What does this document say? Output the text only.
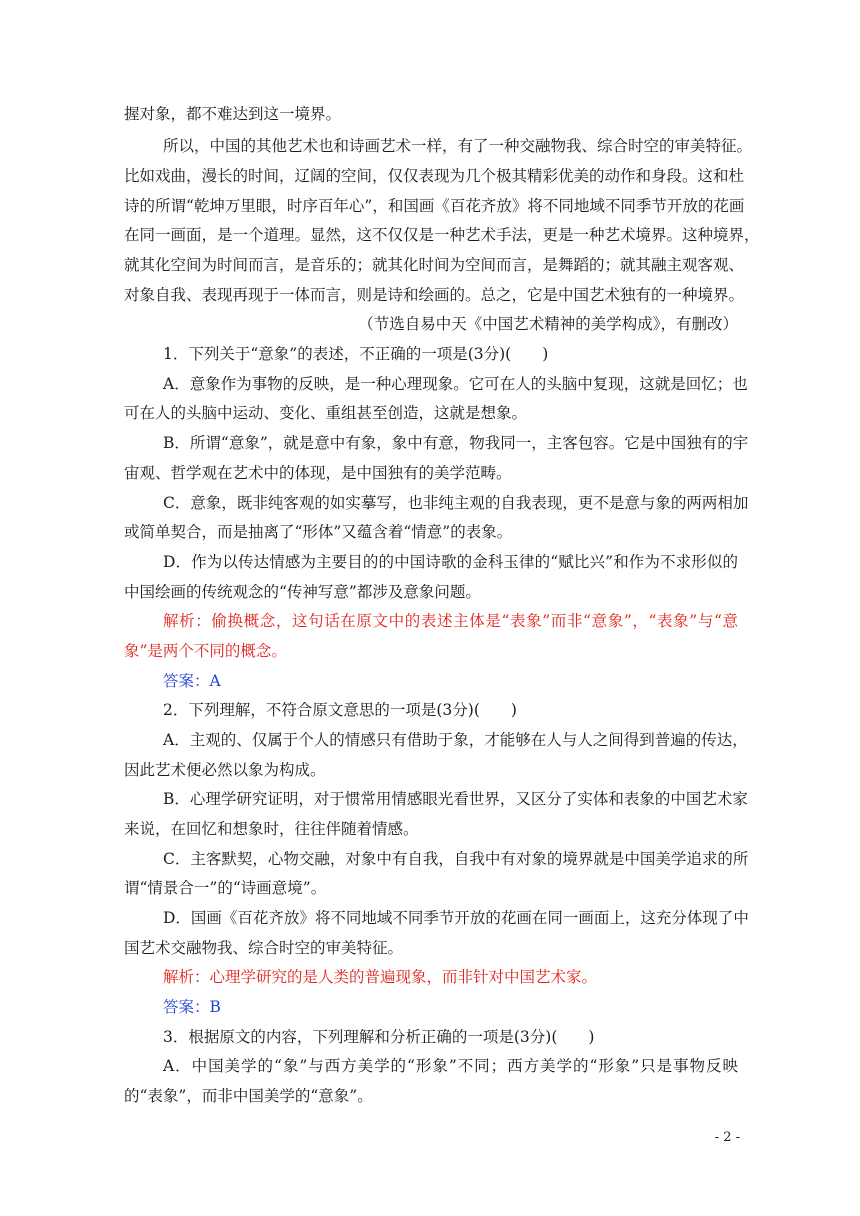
握对象，都不难达到这一境界。
所以，中国的其他艺术也和诗画艺术一样，有了一种交融物我、综合时空的审美特征。
比如戏曲，漫长的时间，辽阔的空间，仅仅表现为几个极其精彩优美的动作和身段。这和杜
诗的所谓“乾坤万里眼，时序百年心”，和国画《百花齐放》将不同地域不同季节开放的花画
在同一画面，是一个道理。显然，这不仅仅是一种艺术手法，更是一种艺术境界。这种境界，
就其化空间为时间而言，是音乐的；就其化时间为空间而言，是舞蹈的；就其融主观客观、
对象自我、表现再现于一体而言，则是诗和绘画的。总之，它是中国艺术独有的一种境界。
（节选自易中天《中国艺术精神的美学构成》，有删改）
1．下列关于“意象”的表述，不正确的一项是(3分)(　　)
A．意象作为事物的反映，是一种心理现象。它可在人的头脑中复现，这就是回忆；也
可在人的头脑中运动、变化、重组甚至创造，这就是想象。
B．所谓“意象”，就是意中有象，象中有意，物我同一，主客包容。它是中国独有的宇
宙观、哲学观在艺术中的体现，是中国独有的美学范畴。
C．意象，既非纯客观的如实摹写，也非纯主观的自我表现，更不是意与象的两两相加
或简单契合，而是抽离了“形体”又蕴含着“情意”的表象。
D．作为以传达情感为主要目的的中国诗歌的金科玉律的“赋比兴”和作为不求形似的
中国绘画的传统观念的“传神写意”都涉及意象问题。
解析：偷换概念，这句话在原文中的表述主体是“表象”而非“意象”，“表象”与“意
象”是两个不同的概念。
答案：A
2．下列理解，不符合原文意思的一项是(3分)(　　)
A．主观的、仅属于个人的情感只有借助于象，才能够在人与人之间得到普遍的传达，
因此艺术便必然以象为构成。
B．心理学研究证明，对于惯常用情感眼光看世界，又区分了实体和表象的中国艺术家
来说，在回忆和想象时，往往伴随着情感。
C．主客默契，心物交融，对象中有自我，自我中有对象的境界就是中国美学追求的所
谓“情景合一”的“诗画意境”。
D．国画《百花齐放》将不同地域不同季节开放的花画在同一画面上，这充分体现了中
国艺术交融物我、综合时空的审美特征。
解析：心理学研究的是人类的普遍现象，而非针对中国艺术家。
答案：B
3．根据原文的内容，下列理解和分析正确的一项是(3分)(　　)
A．中国美学的“象”与西方美学的“形象”不同；西方美学的“形象”只是事物反映
的“表象”，而非中国美学的“意象”。
- 2 -
